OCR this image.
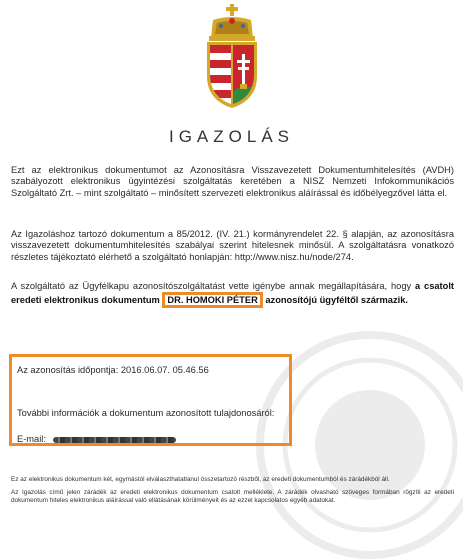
IGAZOLÁS
Ezt az elektronikus dokumentumot az Azonosításra Visszavezetett Dokumentumhitelesítés (AVDH) szabályozott elektronikus ügyintézési szolgáltatás keretében a NISZ Nemzeti Infokommunikációs Szolgáltató Zrt. – mint szolgáltató – minősített szervezeti elektronikus aláírással és időbélyegzővel látta el.
Az Igazoláshoz tartozó dokumentum a 85/2012. (IV. 21.) kormányrendelet 22. § alapján, az azonosításra visszavezetett dokumentumhitelesítés szabályai szerint hitelesnek minősül. A szolgáltatásra vonatkozó részletes tájékoztató elérhető a szolgáltató honlapján: http://www.nisz.hu/node/274.
A szolgáltató az Ügyfélkapu azonosítószolgáltatást vette igénybe annak megállapítására, hogy a csatolt eredeti elektronikus dokumentum DR. HOMOKI PÉTER azonosítójú ügyféltől származik.
Az azonosítás időpontja: 2016.06.07. 05.46.56
További információk a dokumentum azonosított tulajdonosáról:
E-mail:
Ez az elektronikus dokumentum két, egymástól elválaszthatatlanul összetartozó részből, az eredeti dokumentumból és zárádékból áll.
Az Igazolás című jelen zárádék az eredeti elektronikus dokumentum csatolt melléklete. A zárádék olvasható szöveges formában rögzíti az eredeti dokumentum hiteles elektronikus aláírással való ellátásának körülményeit és az ezzel kapcsolatos egyéb adatokat.
